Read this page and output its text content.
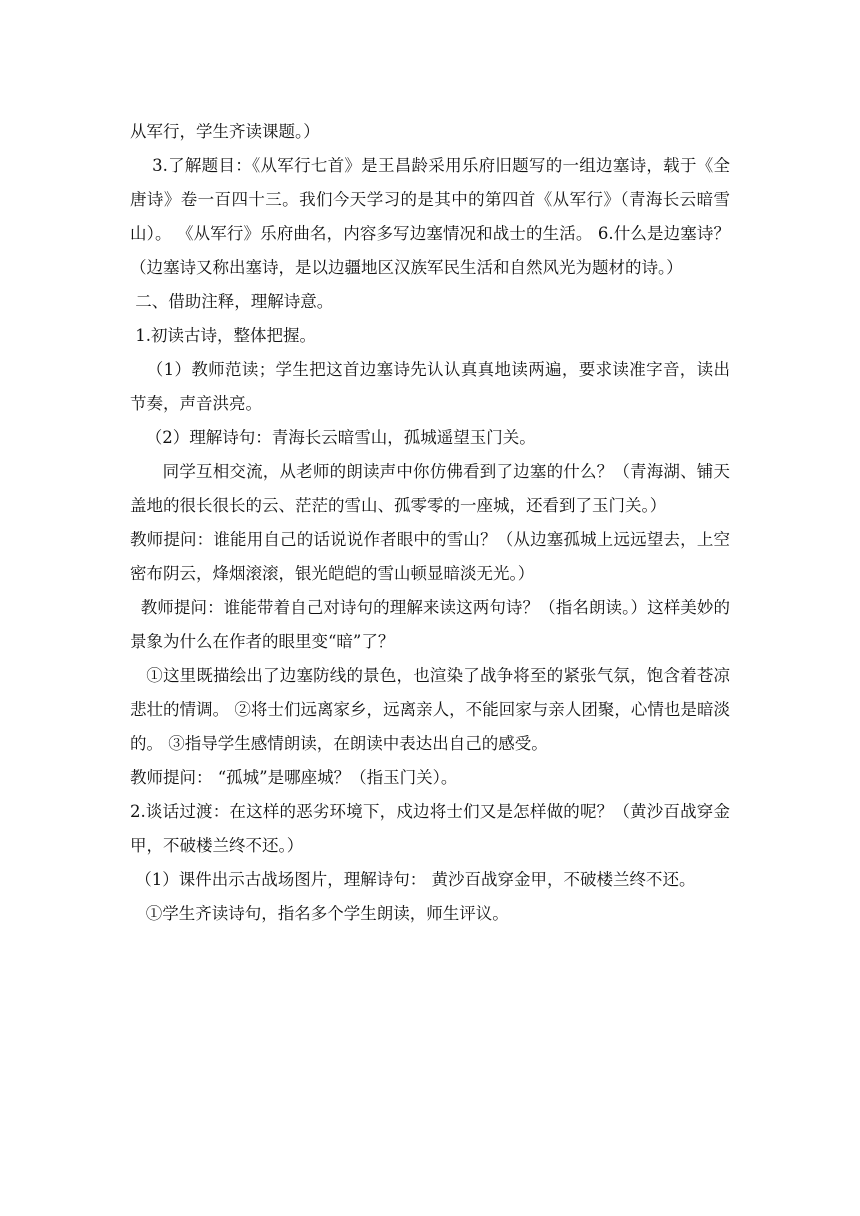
从军行，学生齐读课题。）

3.了解题目：《从军行七首》是王昌龄采用乐府旧题写的一组边塞诗，载于《全唐诗》卷一百四十三。我们今天学习的是其中的第四首《从军行》（青海长云暗雪山）。 《从军行》乐府曲名，内容多写边塞情况和战士的生活。 6.什么是边塞诗？（边塞诗又称出塞诗，是以边疆地区汉族军民生活和自然风光为题材的诗。）

二、借助注释，理解诗意。

1.初读古诗，整体把握。

（1）教师范读；学生把这首边塞诗先认认真真地读两遍，要求读准字音，读出节奏，声音洪亮。

（2）理解诗句：青海长云暗雪山，孤城遥望玉门关。

同学互相交流，从老师的朗读声中你仿佛看到了边塞的什么？（青海湖、铺天盖地的很长很长的云、茫茫的雪山、孤零零的一座城，还看到了玉门关。）

教师提问：谁能用自己的话说说作者眼中的雪山？（从边塞孤城上远远望去，上空密布阴云，烽烟滚滚，银光皑皑的雪山顿显暗淡无光。）

教师提问：谁能带着自己对诗句的理解来读这两句诗？（指名朗读。）这样美妙的景象为什么在作者的眼里变“暗”了？

①这里既描绘出了边塞防线的景色，也渲染了战争将至的紧张气氛，饱含着苍凉悲壮的情调。 ②将士们远离家乡，远离亲人，不能回家与亲人团聚，心情也是暗淡的。 ③指导学生感情朗读，在朗读中表达出自己的感受。

教师提问： “孤城”是哪座城？（指玉门关）。

2.谈话过渡：在这样的恶劣环境下，戍边将士们又是怎样做的呢？（黄沙百战穿金甲，不破楼兰终不还。）

（1）课件出示古战场图片，理解诗句： 黄沙百战穿金甲，不破楼兰终不还。

①学生齐读诗句，指名多个学生朗读，师生评议。
